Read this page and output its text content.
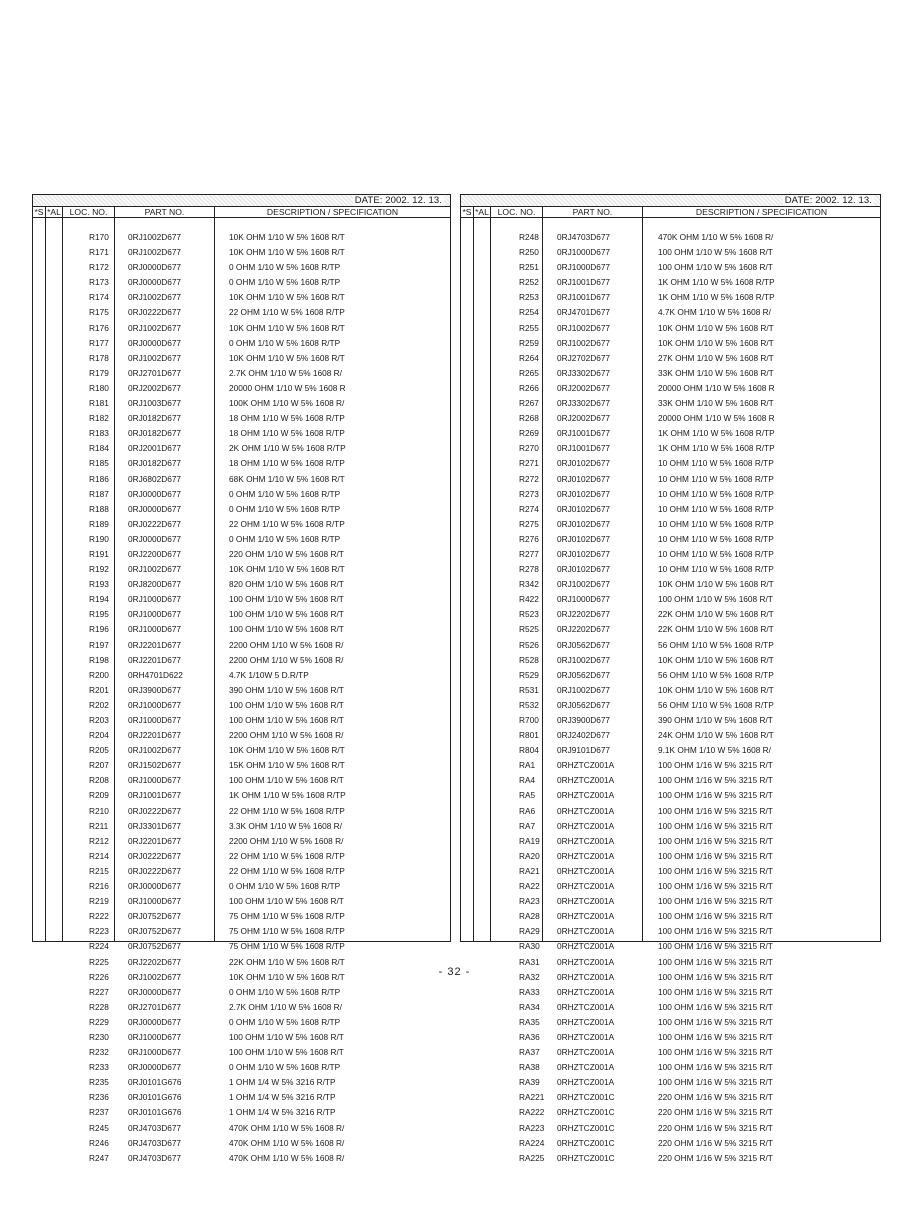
DATE: 2002. 12. 13.
*S *AL	LOC. NO.	PART NO.	DESCRIPTION / SPECIFICATION
R170 0RJ1002D677	10K OHM 1/10 W 5% 1608 R/T
R171 0RJ1002D677	10K OHM 1/10 W 5% 1608 R/T
R172 0RJ0000D677	0 OHM 1/10 W 5% 1608 R/TP
R173 0RJ0000D677	0 OHM 1/10 W 5% 1608 R/TP
R174 0RJ1002D677	10K OHM 1/10 W 5% 1608 R/T
R175 0RJ0222D677	22 OHM 1/10 W 5% 1608 R/TP
R176 0RJ1002D677	10K OHM 1/10 W 5% 1608 R/T
R177 0RJ0000D677	0 OHM 1/10 W 5% 1608 R/TP
R178 0RJ1002D677	10K OHM 1/10 W 5% 1608 R/T
R179 0RJ2701D677	2.7K OHM 1/10 W 5% 1608 R/
R180 0RJ2002D677	20000 OHM 1/10 W 5% 1608 R
R181 0RJ1003D677	100K OHM 1/10 W 5% 1608 R/
R182 0RJ0182D677	18 OHM 1/10 W 5% 1608 R/TP
R183 0RJ0182D677	18 OHM 1/10 W 5% 1608 R/TP
R184 0RJ2001D677	2K OHM 1/10 W 5% 1608 R/TP
R185 0RJ0182D677	18 OHM 1/10 W 5% 1608 R/TP
R186 0RJ6802D677	68K OHM 1/10 W 5% 1608 R/T
R187 0RJ0000D677	0 OHM 1/10 W 5% 1608 R/TP
R188 0RJ0000D677	0 OHM 1/10 W 5% 1608 R/TP
R189 0RJ0222D677	22 OHM 1/10 W 5% 1608 R/TP
R190 0RJ0000D677	0 OHM 1/10 W 5% 1608 R/TP
R191 0RJ2200D677	220 OHM 1/10 W 5% 1608 R/T
R192 0RJ1002D677	10K OHM 1/10 W 5% 1608 R/T
R193 0RJ8200D677	820 OHM 1/10 W 5% 1608 R/T
R194 0RJ1000D677	100 OHM 1/10 W 5% 1608 R/T
R195 0RJ1000D677	100 OHM 1/10 W 5% 1608 R/T
R196 0RJ1000D677	100 OHM 1/10 W 5% 1608 R/T
R197 0RJ2201D677	2200 OHM 1/10 W 5% 1608 R/
R198 0RJ2201D677	2200 OHM 1/10 W 5% 1608 R/
R200 0RH4701D622	4.7K 1/10W 5 D.R/TP
R201 0RJ3900D677	390 OHM 1/10 W 5% 1608 R/T
R202 0RJ1000D677	100 OHM 1/10 W 5% 1608 R/T
R203 0RJ1000D677	100 OHM 1/10 W 5% 1608 R/T
R204 0RJ2201D677	2200 OHM 1/10 W 5% 1608 R/
R205 0RJ1002D677	10K OHM 1/10 W 5% 1608 R/T
R207 0RJ1502D677	15K OHM 1/10 W 5% 1608 R/T
R208 0RJ1000D677	100 OHM 1/10 W 5% 1608 R/T
R209 0RJ1001D677	1K OHM 1/10 W 5% 1608 R/TP
R210 0RJ0222D677	22 OHM 1/10 W 5% 1608 R/TP
R211 0RJ3301D677	3.3K OHM 1/10 W 5% 1608 R/
R212 0RJ2201D677	2200 OHM 1/10 W 5% 1608 R/
R214 0RJ0222D677	22 OHM 1/10 W 5% 1608 R/TP
R215 0RJ0222D677	22 OHM 1/10 W 5% 1608 R/TP
R216 0RJ0000D677	0 OHM 1/10 W 5% 1608 R/TP
R219 0RJ1000D677	100 OHM 1/10 W 5% 1608 R/T
R222 0RJ0752D677	75 OHM 1/10 W 5% 1608 R/TP
R223 0RJ0752D677	75 OHM 1/10 W 5% 1608 R/TP
R224 0RJ0752D677	75 OHM 1/10 W 5% 1608 R/TP
R225 0RJ2202D677	22K OHM 1/10 W 5% 1608 R/T
R226 0RJ1002D677	10K OHM 1/10 W 5% 1608 R/T
R227 0RJ0000D677	0 OHM 1/10 W 5% 1608 R/TP
R228 0RJ2701D677	2.7K OHM 1/10 W 5% 1608 R/
R229 0RJ0000D677	0 OHM 1/10 W 5% 1608 R/TP
R230 0RJ1000D677	100 OHM 1/10 W 5% 1608 R/T
R232 0RJ1000D677	100 OHM 1/10 W 5% 1608 R/T
R233 0RJ0000D677	0 OHM 1/10 W 5% 1608 R/TP
R235 0RJ0101G676	1 OHM 1/4 W 5% 3216 R/TP
R236 0RJ0101G676	1 OHM 1/4 W 5% 3216 R/TP
R237 0RJ0101G676	1 OHM 1/4 W 5% 3216 R/TP
R245 0RJ4703D677	470K OHM 1/10 W 5% 1608 R/
R246 0RJ4703D677	470K OHM 1/10 W 5% 1608 R/
R247 0RJ4703D677	470K OHM 1/10 W 5% 1608 R/
DATE: 2002. 12. 13.
*S *AL	LOC. NO.	PART NO.	DESCRIPTION / SPECIFICATION
R248 0RJ4703D677	470K OHM 1/10 W 5% 1608 R/
R250 0RJ1000D677	100 OHM 1/10 W 5% 1608 R/T
R251 0RJ1000D677	100 OHM 1/10 W 5% 1608 R/T
R252 0RJ1001D677	1K OHM 1/10 W 5% 1608 R/TP
R253 0RJ1001D677	1K OHM 1/10 W 5% 1608 R/TP
R254 0RJ4701D677	4.7K OHM 1/10 W 5% 1608 R/
R255 0RJ1002D677	10K OHM 1/10 W 5% 1608 R/T
R259 0RJ1002D677	10K OHM 1/10 W 5% 1608 R/T
R264 0RJ2702D677	27K OHM 1/10 W 5% 1608 R/T
R265 0RJ3302D677	33K OHM 1/10 W 5% 1608 R/T
R266 0RJ2002D677	20000 OHM 1/10 W 5% 1608 R
R267 0RJ3302D677	33K OHM 1/10 W 5% 1608 R/T
R268 0RJ2002D677	20000 OHM 1/10 W 5% 1608 R
R269 0RJ1001D677	1K OHM 1/10 W 5% 1608 R/TP
R270 0RJ1001D677	1K OHM 1/10 W 5% 1608 R/TP
R271 0RJ0102D677	10 OHM 1/10 W 5% 1608 R/TP
R272 0RJ0102D677	10 OHM 1/10 W 5% 1608 R/TP
R273 0RJ0102D677	10 OHM 1/10 W 5% 1608 R/TP
R274 0RJ0102D677	10 OHM 1/10 W 5% 1608 R/TP
R275 0RJ0102D677	10 OHM 1/10 W 5% 1608 R/TP
R276 0RJ0102D677	10 OHM 1/10 W 5% 1608 R/TP
R277 0RJ0102D677	10 OHM 1/10 W 5% 1608 R/TP
R278 0RJ0102D677	10 OHM 1/10 W 5% 1608 R/TP
R342 0RJ1002D677	10K OHM 1/10 W 5% 1608 R/T
R422 0RJ1000D677	100 OHM 1/10 W 5% 1608 R/T
R523 0RJ2202D677	22K OHM 1/10 W 5% 1608 R/T
R525 0RJ2202D677	22K OHM 1/10 W 5% 1608 R/T
R526 0RJ0562D677	56 OHM 1/10 W 5% 1608 R/TP
R528 0RJ1002D677	10K OHM 1/10 W 5% 1608 R/T
R529 0RJ0562D677	56 OHM 1/10 W 5% 1608 R/TP
R531 0RJ1002D677	10K OHM 1/10 W 5% 1608 R/T
R532 0RJ0562D677	56 OHM 1/10 W 5% 1608 R/TP
R700 0RJ3900D677	390 OHM 1/10 W 5% 1608 R/T
R801 0RJ2402D677	24K OHM 1/10 W 5% 1608 R/T
R804 0RJ9101D677	9.1K OHM 1/10 W 5% 1608 R/
RA1	0RHZTCZ001A	100 OHM 1/16 W 5% 3215 R/T
RA4	0RHZTCZ001A	100 OHM 1/16 W 5% 3215 R/T
RA5	0RHZTCZ001A	100 OHM 1/16 W 5% 3215 R/T
RA6	0RHZTCZ001A	100 OHM 1/16 W 5% 3215 R/T
RA7	0RHZTCZ001A	100 OHM 1/16 W 5% 3215 R/T
RA19 0RHZTCZ001A	100 OHM 1/16 W 5% 3215 R/T
RA20 0RHZTCZ001A	100 OHM 1/16 W 5% 3215 R/T
RA21 0RHZTCZ001A	100 OHM 1/16 W 5% 3215 R/T
RA22 0RHZTCZ001A	100 OHM 1/16 W 5% 3215 R/T
RA23 0RHZTCZ001A	100 OHM 1/16 W 5% 3215 R/T
RA28 0RHZTCZ001A	100 OHM 1/16 W 5% 3215 R/T
RA29 0RHZTCZ001A	100 OHM 1/16 W 5% 3215 R/T
RA30 0RHZTCZ001A	100 OHM 1/16 W 5% 3215 R/T
RA31 0RHZTCZ001A	100 OHM 1/16 W 5% 3215 R/T
RA32 0RHZTCZ001A	100 OHM 1/16 W 5% 3215 R/T
RA33 0RHZTCZ001A	100 OHM 1/16 W 5% 3215 R/T
RA34 0RHZTCZ001A	100 OHM 1/16 W 5% 3215 R/T
RA35 0RHZTCZ001A	100 OHM 1/16 W 5% 3215 R/T
RA36 0RHZTCZ001A	100 OHM 1/16 W 5% 3215 R/T
RA37 0RHZTCZ001A	100 OHM 1/16 W 5% 3215 R/T
RA38 0RHZTCZ001A	100 OHM 1/16 W 5% 3215 R/T
RA39 0RHZTCZ001A	100 OHM 1/16 W 5% 3215 R/T
RA221 0RHZTCZ001C	220 OHM 1/16 W 5% 3215 R/T
RA222 0RHZTCZ001C	220 OHM 1/16 W 5% 3215 R/T
RA223 0RHZTCZ001C	220 OHM 1/16 W 5% 3215 R/T
RA224 0RHZTCZ001C	220 OHM 1/16 W 5% 3215 R/T
RA225 0RHZTCZ001C	220 OHM 1/16 W 5% 3215 R/T
- 32 -
